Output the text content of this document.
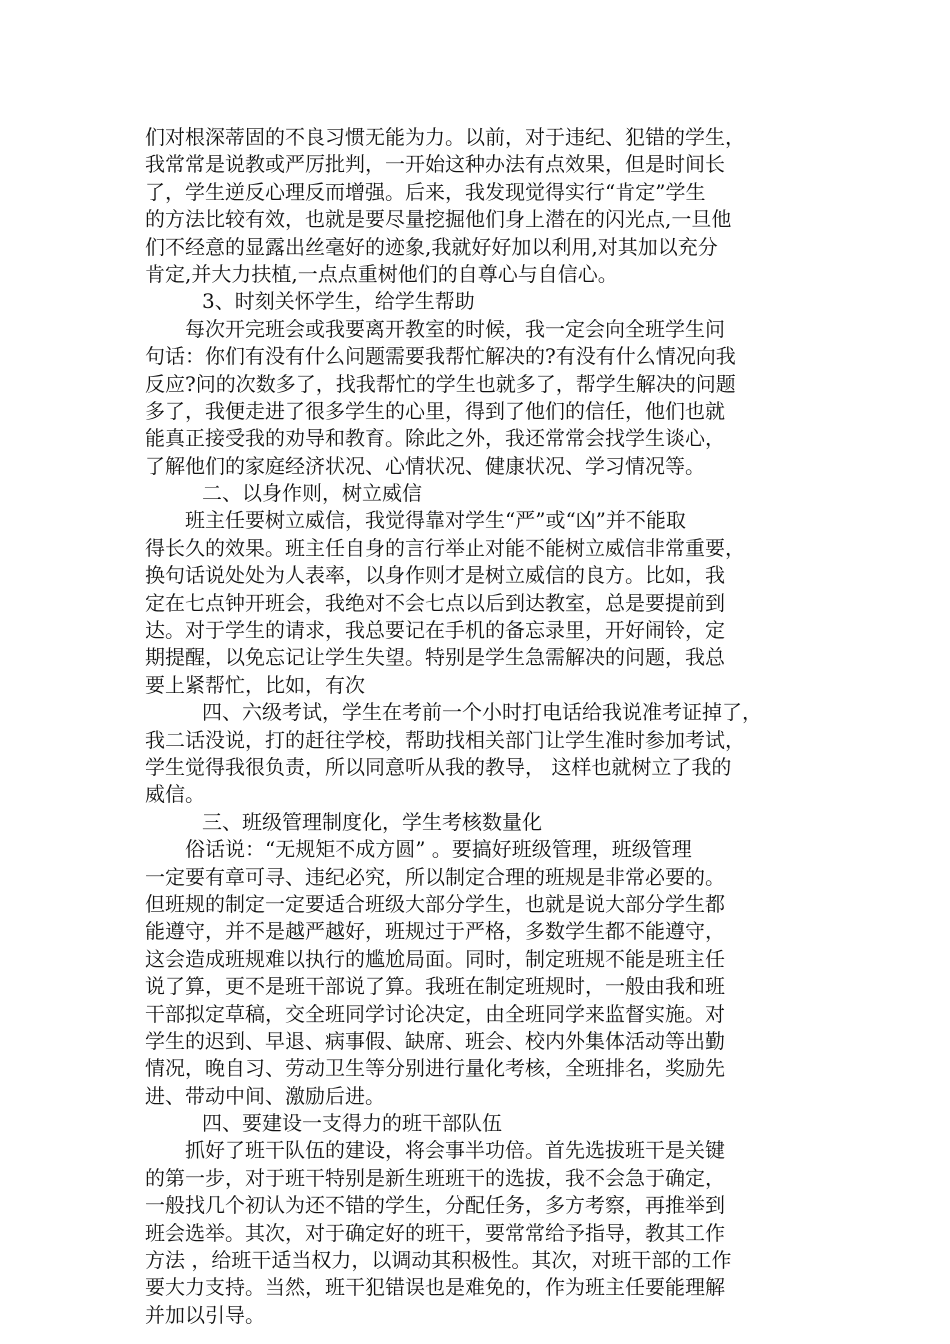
们对根深蒂固的不良习惯无能为力。以前，对于违纪、犯错的学生，
我常常是说教或严厉批判，一开始这种办法有点效果，但是时间长
了，学生逆反心理反而增强。后来，我发现觉得实行“肯定”学生
的方法比较有效，也就是要尽量挖掘他们身上潜在的闪光点,一旦他
们不经意的显露出丝毫好的迹象,我就好好加以利用,对其加以充分
肯定,并大力扶植,一点点重树他们的自尊心与自信心。
3、时刻关怀学生，给学生帮助
每次开完班会或我要离开教室的时候，我一定会向全班学生问
句话：你们有没有什么问题需要我帮忙解决的?有没有什么情况向我
反应?问的次数多了，找我帮忙的学生也就多了，帮学生解决的问题
多了，我便走进了很多学生的心里，得到了他们的信任，他们也就
能真正接受我的劝导和教育。除此之外，我还常常会找学生谈心，
了解他们的家庭经济状况、心情状况、健康状况、学习情况等。
二、以身作则，树立威信
班主任要树立威信，我觉得靠对学生“严”或“凶”并不能取
得长久的效果。班主任自身的言行举止对能不能树立威信非常重要，
换句话说处处为人表率，以身作则才是树立威信的良方。比如，我
定在七点钟开班会，我绝对不会七点以后到达教室，总是要提前到
达。对于学生的请求，我总要记在手机的备忘录里，开好闹铃，定
期提醒，以免忘记让学生失望。特别是学生急需解决的问题，我总
要上紧帮忙，比如，有次
四、六级考试，学生在考前一个小时打电话给我说准考证掉了，
我二话没说，打的赶往学校，帮助找相关部门让学生准时参加考试，
学生觉得我很负责，所以同意听从我的教导， 这样也就树立了我的
威信。
三、班级管理制度化，学生考核数量化
俗话说：“无规矩不成方圆” 。要搞好班级管理，班级管理
一定要有章可寻、违纪必究，所以制定合理的班规是非常必要的。
但班规的制定一定要适合班级大部分学生，也就是说大部分学生都
能遵守，并不是越严越好，班规过于严格，多数学生都不能遵守，
这会造成班规难以执行的尴尬局面。同时，制定班规不能是班主任
说了算，更不是班干部说了算。我班在制定班规时，一般由我和班
干部拟定草稿，交全班同学讨论决定，由全班同学来监督实施。对
学生的迟到、早退、病事假、缺席、班会、校内外集体活动等出勤
情况，晚自习、劳动卫生等分别进行量化考核，全班排名，奖励先
进、带动中间、激励后进。
四、要建设一支得力的班干部队伍
抓好了班干队伍的建设，将会事半功倍。首先选拔班干是关键
的第一步，对于班干特别是新生班班干的选拔，我不会急于确定，
一般找几个初认为还不错的学生，分配任务，多方考察，再推举到
班会选举。其次，对于确定好的班干，要常常给予指导，教其工作
方法 ，给班干适当权力，以调动其积极性。其次，对班干部的工作
要大力支持。当然，班干犯错误也是难免的，作为班主任要能理解
并加以引导。
